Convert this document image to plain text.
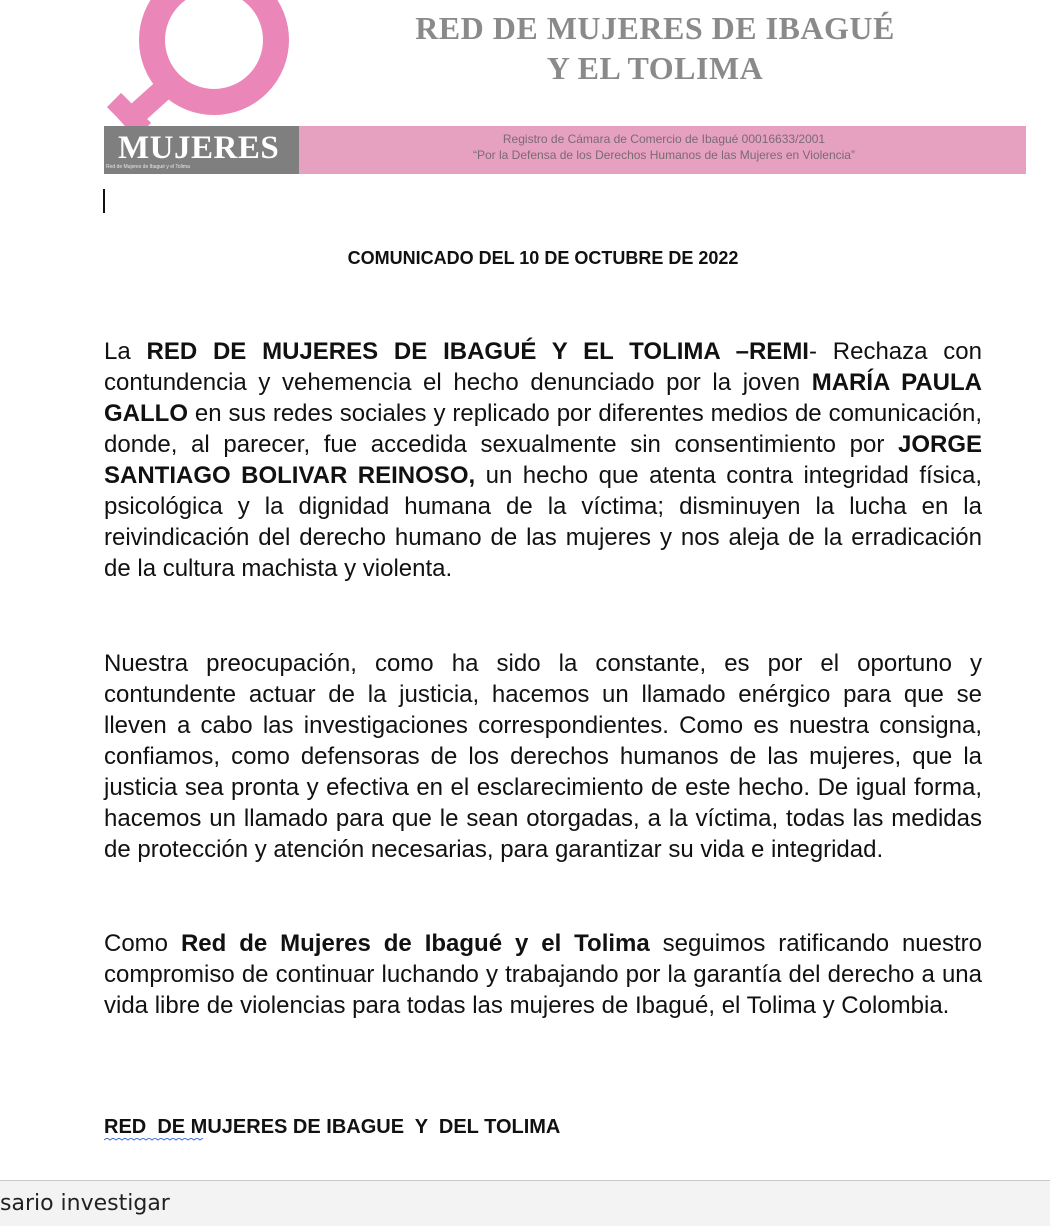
RED DE MUJERES DE IBAGUÉ
Y EL TOLIMA
MUJERES
Red de Mujeres de Ibagué y el Tolima
Registro de Cámara de Comercio de Ibagué 00016633/2001
“Por la Defensa de los Derechos Humanos de las Mujeres en Violencia”
COMUNICADO DEL 10 DE OCTUBRE DE 2022
La RED DE MUJERES DE IBAGUÉ Y EL TOLIMA –REMI- Rechaza con contundencia y vehemencia el hecho denunciado por la joven MARÍA PAULA GALLO en sus redes sociales y replicado por diferentes medios de comunicación, donde, al parecer, fue accedida sexualmente sin consentimiento por JORGE SANTIAGO BOLIVAR REINOSO, un hecho que atenta contra integridad física, psicológica y la dignidad humana de la víctima; disminuyen la lucha en la reivindicación del derecho humano de las mujeres y nos aleja de la erradicación de la cultura machista y violenta.
Nuestra preocupación, como ha sido la constante, es por el oportuno y contundente actuar de la justicia, hacemos un llamado enérgico para que se lleven a cabo las investigaciones correspondientes. Como es nuestra consigna, confiamos, como defensoras de los derechos humanos de las mujeres, que la justicia sea pronta y efectiva en el esclarecimiento de este hecho. De igual forma, hacemos un llamado para que le sean otorgadas, a la víctima, todas las medidas de protección y atención necesarias, para garantizar su vida e integridad.
Como Red de Mujeres de Ibagué y el Tolima seguimos ratificando nuestro compromiso de continuar luchando y trabajando por la garantía del derecho a una vida libre de violencias para todas las mujeres de Ibagué, el Tolima y Colombia.
RED  DE MUJERES DE IBAGUE  Y  DEL TOLIMA
sario investigar
